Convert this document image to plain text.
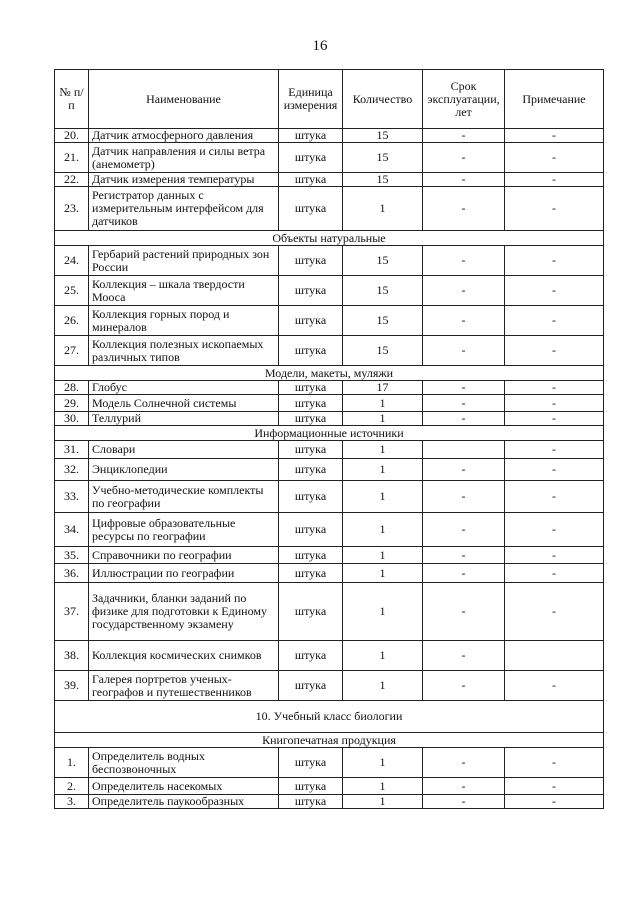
16
№ п/п	Наименование	Единица измерения	Количество	Срок эксплуатации, лет	Примечание
20.	Датчик атмосферного давления	штука	15	-	-
21.	Датчик направления и силы ветра (анемометр)	штука	15	-	-
22.	Датчик измерения температуры	штука	15	-	-
23.	Регистратор данных с измерительным интерфейсом для датчиков	штука	1	-	-
Объекты натуральные					
24.	Гербарий растений природных зон России	штука	15	-	-
25.	Коллекция – шкала твердости Мооса	штука	15	-	-
26.	Коллекция горных пород и минералов	штука	15	-	-
27.	Коллекция полезных ископаемых различных типов	штука	15	-	-
Модели, макеты, муляжи					
28.	Глобус	штука	17	-	-
29.	Модель Солнечной системы	штука	1	-	-
30.	Теллурий	штука	1	-	-
Информационные источники					
31.	Словари	штука	1		-
32.	Энциклопедии	штука	1	-	-
33.	Учебно-методические комплекты по географии	штука	1	-	-
34.	Цифровые образовательные ресурсы по географии	штука	1	-	-
35.	Справочники по географии	штука	1	-	-
36.	Иллюстрации по географии	штука	1	-	-
37.	Задачники, бланки заданий по физике для подготовки к Единому государственному экзамену	штука	1	-	-
38.	Коллекция космических снимков	штука	1	-	
39.	Галерея портретов ученых-географов и путешественников	штука	1	-	-
10. Учебный класс биологии					
Книгопечатная продукция					
1.	Определитель водных беспозвоночных	штука	1	-	-
2.	Определитель насекомых	штука	1	-	-
3.	Определитель паукообразных	штука	1	-	-
